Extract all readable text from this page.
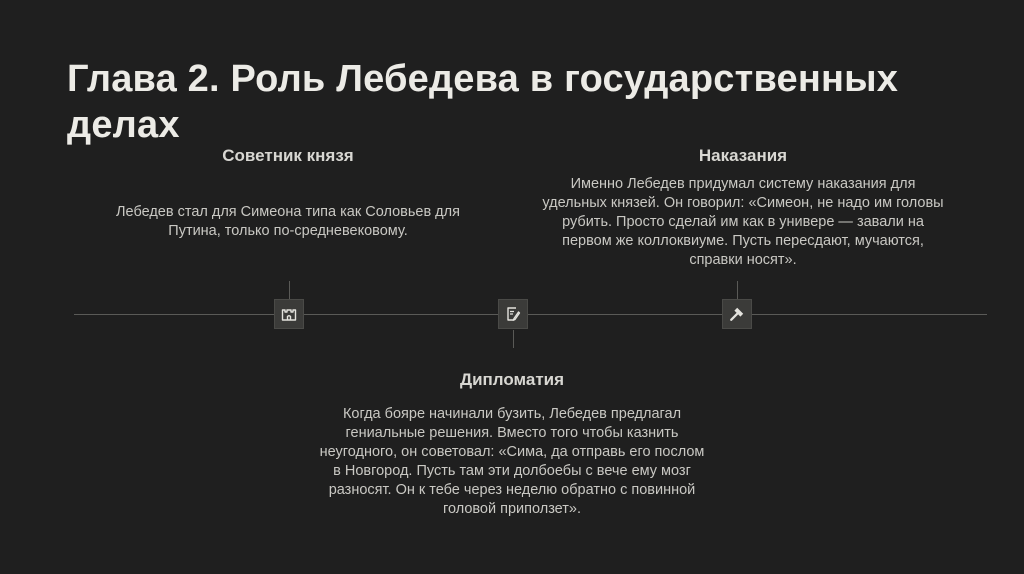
Глава 2. Роль Лебедева в государственных делах
Советник князя

Лебедев стал для Симеона типа как Соловьев для Путина, только по-средневековому.

Наказания

Именно Лебедев придумал систему наказания для удельных князей. Он говорил: «Симеон, не надо им головы рубить. Просто сделай им как в универе — завали на первом же коллоквиуме. Пусть пересдают, мучаются, справки носят».

Дипломатия

Когда бояре начинали бузить, Лебедев предлагал гениальные решения. Вместо того чтобы казнить неугодного, он советовал: «Сима, да отправь его послом в Новгород. Пусть там эти долбоебы с вече ему мозг разносят. Он к тебе через неделю обратно с повинной головой приползет».
